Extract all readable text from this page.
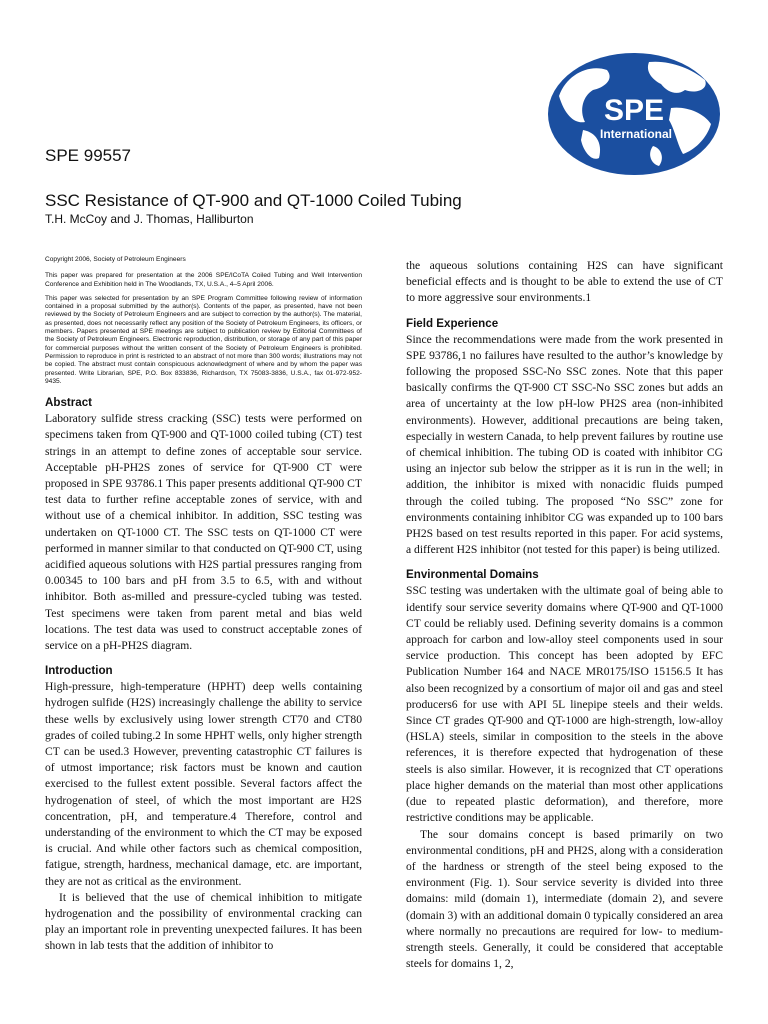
SPE
International
SPE 99557
SSC Resistance of QT-900 and QT-1000 Coiled Tubing
T.H. McCoy and J. Thomas, Halliburton

Copyright 2006, Society of Petroleum Engineers

This paper was prepared for presentation at the 2006 SPE/ICoTA Coiled Tubing and Well Intervention Conference and Exhibition held in The Woodlands, TX, U.S.A., 4–5 April 2006.

This paper was selected for presentation by an SPE Program Committee following review of information contained in a proposal submitted by the author(s). Contents of the paper, as presented, have not been reviewed by the Society of Petroleum Engineers and are subject to correction by the author(s). The material, as presented, does not necessarily reflect any position of the Society of Petroleum Engineers, its officers, or members. Papers presented at SPE meetings are subject to publication review by Editorial Committees of the Society of Petroleum Engineers. Electronic reproduction, distribution, or storage of any part of this paper for commercial purposes without the written consent of the Society of Petroleum Engineers is prohibited. Permission to reproduce in print is restricted to an abstract of not more than 300 words; illustrations may not be copied. The abstract must contain conspicuous acknowledgment of where and by whom the paper was presented. Write Librarian, SPE, P.O. Box 833836, Richardson, TX 75083-3836, U.S.A., fax 01-972-952-9435.

Abstract

Laboratory sulfide stress cracking (SSC) tests were performed on specimens taken from QT-900 and QT-1000 coiled tubing (CT) test strings in an attempt to define zones of acceptable sour service. Acceptable pH-PH2S zones of service for QT-900 CT were proposed in SPE 93786.1 This paper presents additional QT-900 CT test data to further refine acceptable zones of service, with and without use of a chemical inhibitor. In addition, SSC testing was undertaken on QT-1000 CT. The SSC tests on QT-1000 CT were performed in manner similar to that conducted on QT-900 CT, using acidified aqueous solutions with H2S partial pressures ranging from 0.00345 to 100 bars and pH from 3.5 to 6.5, with and without inhibitor. Both as-milled and pressure-cycled tubing was tested. Test specimens were taken from parent metal and bias weld locations. The test data was used to construct acceptable zones of service on a pH-PH2S diagram.

Introduction

High-pressure, high-temperature (HPHT) deep wells containing hydrogen sulfide (H2S) increasingly challenge the ability to service these wells by exclusively using lower strength CT70 and CT80 grades of coiled tubing.2 In some HPHT wells, only higher strength CT can be used.3 However, preventing catastrophic CT failures is of utmost importance; risk factors must be known and caution exercised to the fullest extent possible. Several factors affect the hydrogenation of steel, of which the most important are H2S concentration, pH, and temperature.4 Therefore, control and understanding of the environment to which the CT may be exposed is crucial. And while other factors such as chemical composition, fatigue, strength, hardness, mechanical damage, etc. are important, they are not as critical as the environment.

It is believed that the use of chemical inhibition to mitigate hydrogenation and the possibility of environmental cracking can play an important role in preventing unexpected failures. It has been shown in lab tests that the addition of inhibitor to

the aqueous solutions containing H2S can have significant beneficial effects and is thought to be able to extend the use of CT to more aggressive sour environments.1

Field Experience

Since the recommendations were made from the work presented in SPE 93786,1 no failures have resulted to the author’s knowledge by following the proposed SSC-No SSC zones. Note that this paper basically confirms the QT-900 CT SSC-No SSC zones but adds an area of uncertainty at the low pH-low PH2S area (non-inhibited environments). However, additional precautions are being taken, especially in western Canada, to help prevent failures by routine use of chemical inhibition. The tubing OD is coated with inhibitor CG using an injector sub below the stripper as it is run in the well; in addition, the inhibitor is mixed with nonacidic fluids pumped through the coiled tubing. The proposed “No SSC” zone for environments containing inhibitor CG was expanded up to 100 bars PH2S based on test results reported in this paper. For acid systems, a different H2S inhibitor (not tested for this paper) is being utilized.

Environmental Domains

SSC testing was undertaken with the ultimate goal of being able to identify sour service severity domains where QT-900 and QT-1000 CT could be reliably used. Defining severity domains is a common approach for carbon and low-alloy steel components used in sour service production. This concept has been adopted by EFC Publication Number 164 and NACE MR0175/ISO 15156.5 It has also been recognized by a consortium of major oil and gas and steel producers6 for use with API 5L linepipe steels and their welds. Since CT grades QT-900 and QT-1000 are high-strength, low-alloy (HSLA) steels, similar in composition to the steels in the above references, it is therefore expected that hydrogenation of these steels is also similar. However, it is recognized that CT operations place higher demands on the material than most other applications (due to repeated plastic deformation), and therefore, more restrictive conditions may be applicable.

The sour domains concept is based primarily on two environmental conditions, pH and PH2S, along with a consideration of the hardness or strength of the steel being exposed to the environment (Fig. 1). Sour service severity is divided into three domains: mild (domain 1), intermediate (domain 2), and severe (domain 3) with an additional domain 0 typically considered an area where normally no precautions are required for low- to medium-strength steels. Generally, it could be considered that acceptable steels for domains 1, 2,
